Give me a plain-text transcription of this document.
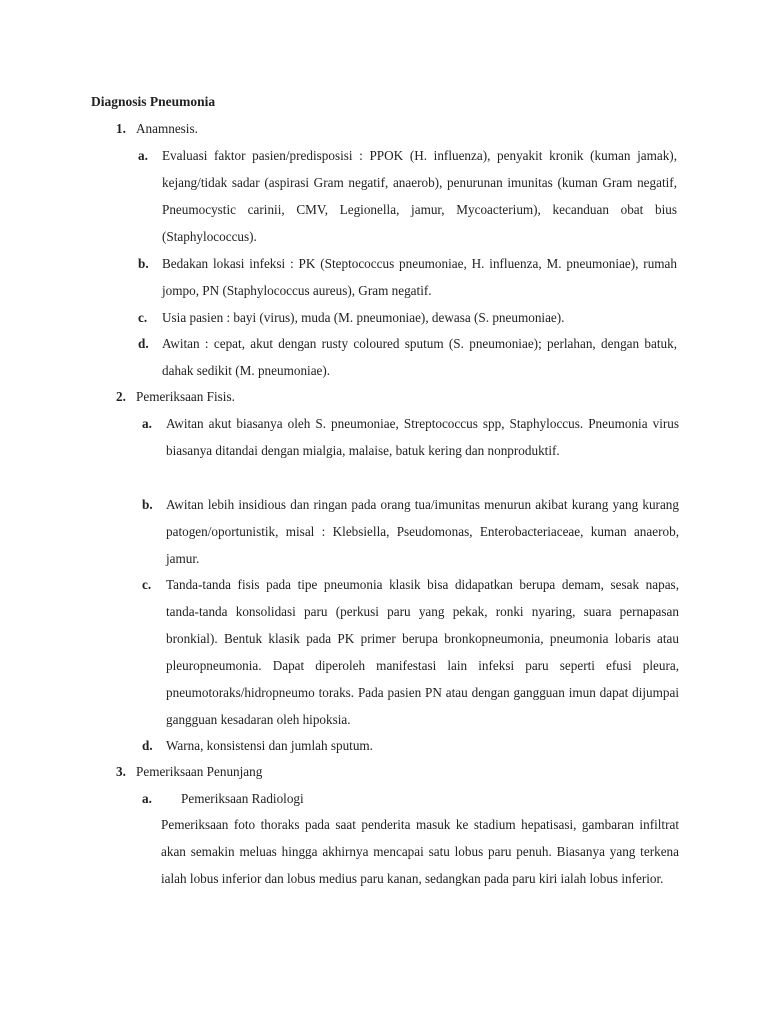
Diagnosis Pneumonia
1. Anamnesis.
a. Evaluasi faktor pasien/predisposisi : PPOK (H. influenza), penyakit kronik (kuman jamak), kejang/tidak sadar (aspirasi Gram negatif, anaerob), penurunan imunitas (kuman Gram negatif, Pneumocystic carinii, CMV, Legionella, jamur, Mycoacterium), kecanduan obat bius (Staphylococcus).
b. Bedakan lokasi infeksi : PK (Steptococcus pneumoniae, H. influenza, M. pneumoniae), rumah jompo, PN (Staphylococcus aureus), Gram negatif.
c. Usia pasien : bayi (virus), muda (M. pneumoniae), dewasa (S. pneumoniae).
d. Awitan : cepat, akut dengan rusty coloured sputum (S. pneumoniae); perlahan, dengan batuk, dahak sedikit (M. pneumoniae).
2. Pemeriksaan Fisis.
a. Awitan akut biasanya oleh S. pneumoniae, Streptococcus spp, Staphyloccus. Pneumonia virus biasanya ditandai dengan mialgia, malaise, batuk kering dan nonproduktif.
b. Awitan lebih insidious dan ringan pada orang tua/imunitas menurun akibat kurang yang kurang patogen/oportunistik, misal : Klebsiella, Pseudomonas, Enterobacteriaceae, kuman anaerob, jamur.
c. Tanda-tanda fisis pada tipe pneumonia klasik bisa didapatkan berupa demam, sesak napas, tanda-tanda konsolidasi paru (perkusi paru yang pekak, ronki nyaring, suara pernapasan bronkial). Bentuk klasik pada PK primer berupa bronkopneumonia, pneumonia lobaris atau pleuropneumonia. Dapat diperoleh manifestasi lain infeksi paru seperti efusi pleura, pneumotoraks/hidropneumo toraks. Pada pasien PN atau dengan gangguan imun dapat dijumpai gangguan kesadaran oleh hipoksia.
d. Warna, konsistensi dan jumlah sputum.
3. Pemeriksaan Penunjang
a. Pemeriksaan Radiologi
Pemeriksaan foto thoraks pada saat penderita masuk ke stadium hepatisasi, gambaran infiltrat akan semakin meluas hingga akhirnya mencapai satu lobus paru penuh. Biasanya yang terkena ialah lobus inferior dan lobus medius paru kanan, sedangkan pada paru kiri ialah lobus inferior.
